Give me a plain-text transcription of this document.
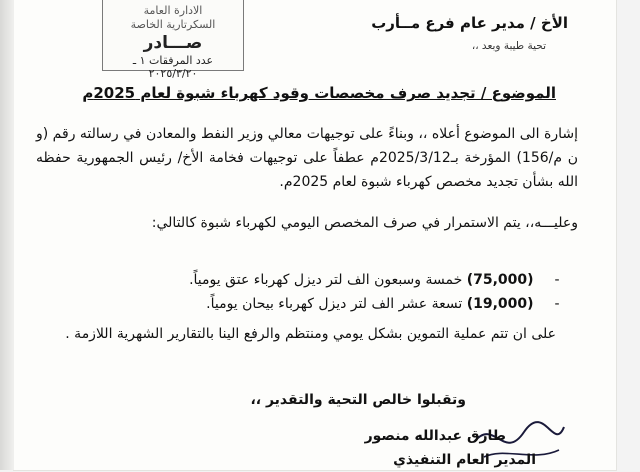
الادارة العامة
السكرتارية الخاصة
صـــادر
عدد المرفقات ١ ـ ٢٠٢٥/٣/٢٠
الأخ / مدير عام فرع مــأرب
تحية طيبة وبعد ،،
الموضوع / تجديد صرف مخصصات وقود كهرباء شبوة لعام 2025م
إشارة الى الموضوع أعلاه ،، وبناءً على توجيهات معالي وزير النفط والمعادن في رسالته رقم (و ن م/156) المؤرخة بـ2025/3/12م عطفاً على توجيهات فخامة الأخ/ رئيس الجمهورية حفظه الله بشأن تجديد مخصص كهرباء شبوة لعام 2025م.
وعليـــه،، يتم الاستمرار في صرف المخصص اليومي لكهرباء شبوة كالتالي:
- (75,000) خمسة وسبعون الف لتر ديزل كهرباء عتق يومياً.
- (19,000) تسعة عشر الف لتر ديزل كهرباء بيحان يومياً.
على ان تتم عملية التموين بشكل يومي ومنتظم والرفع الينا بالتقارير الشهرية اللازمة .
وتقبلوا خالص التحية والتقدير ،،
طارق عبدالله منصور
المدير العام التنفيذي
